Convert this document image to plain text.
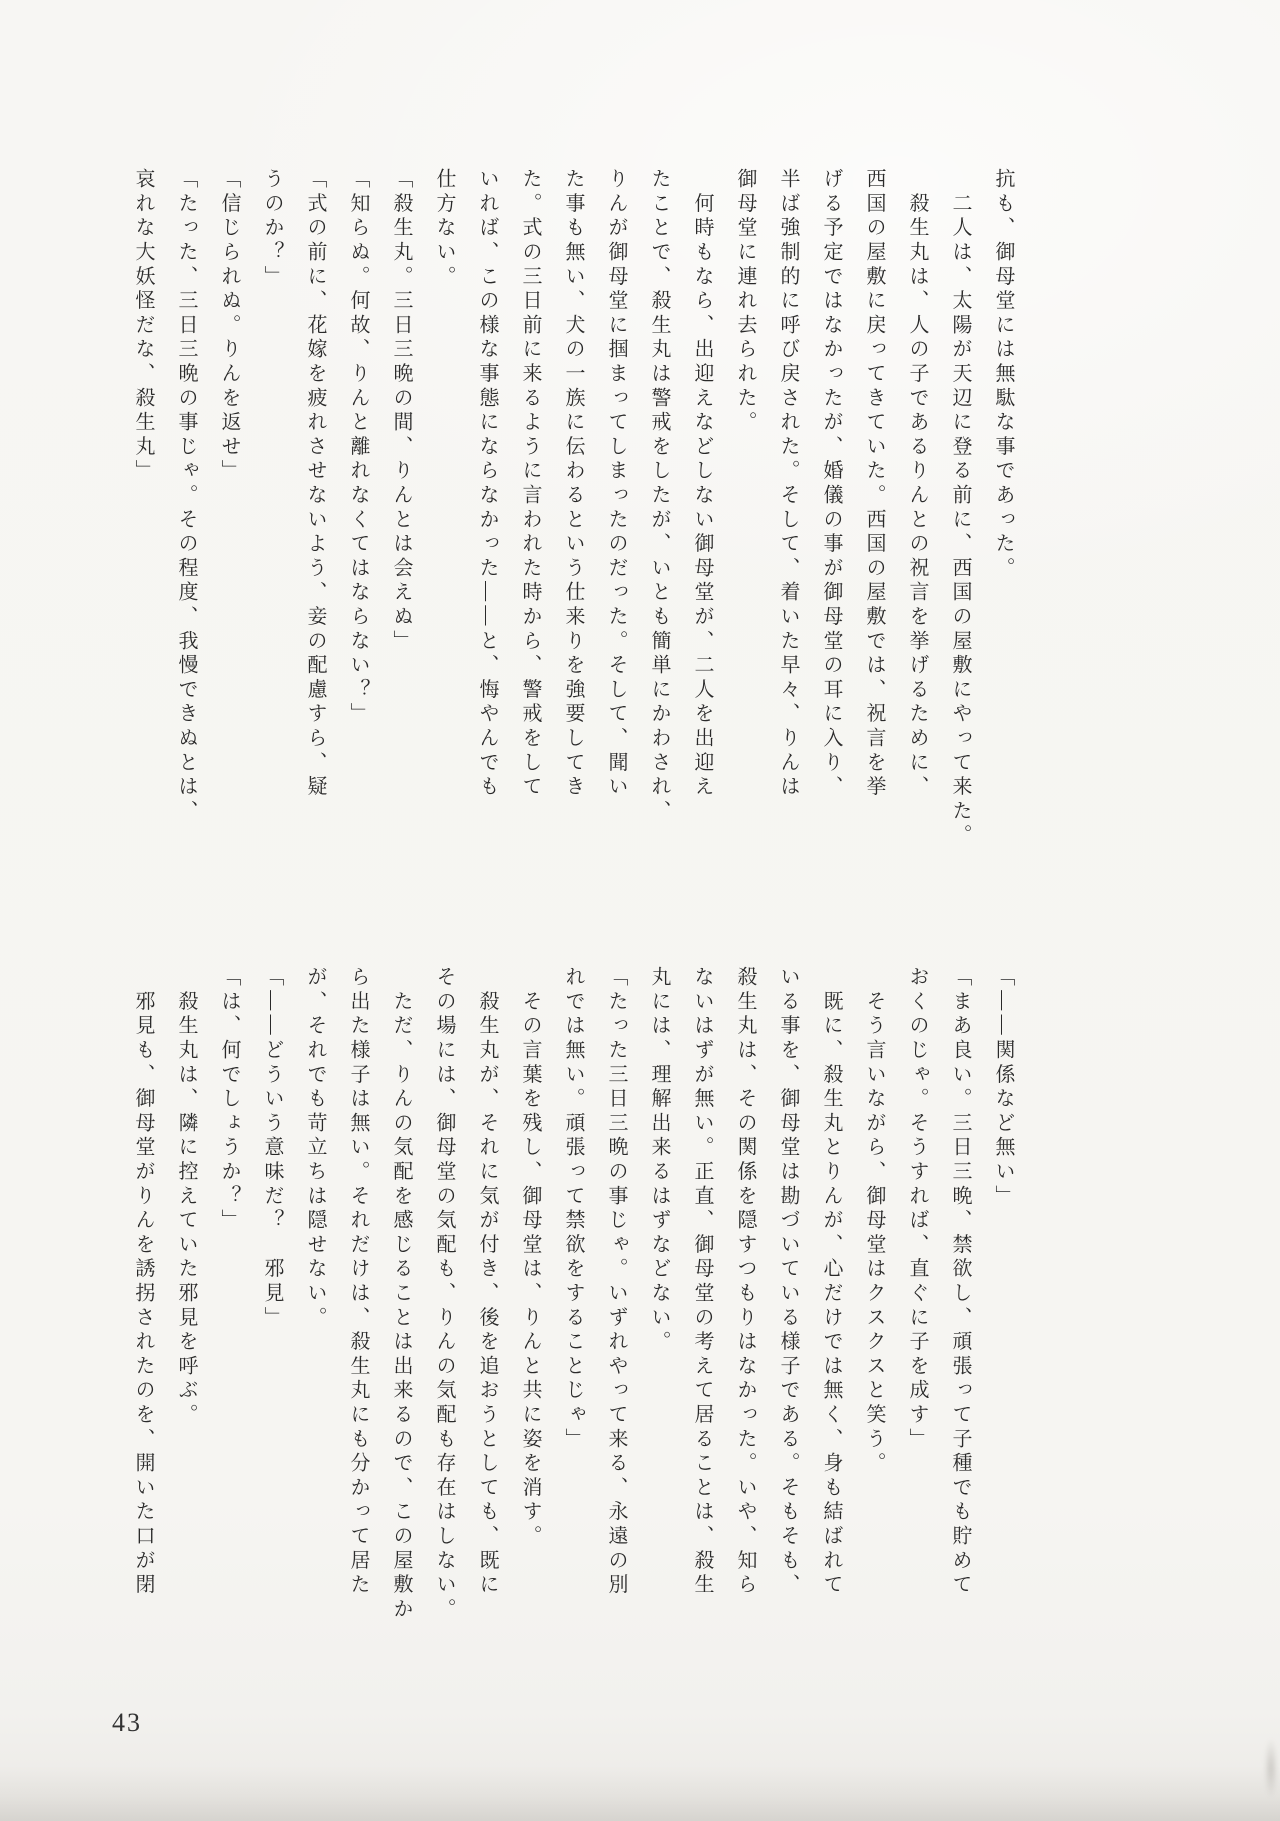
抗も、御母堂には無駄な事であった。
　二人は、太陽が天辺に登る前に、西国の屋敷にやって来た。
　殺生丸は、人の子であるりんとの祝言を挙げるために、
西国の屋敷に戻ってきていた。西国の屋敷では、祝言を挙
げる予定ではなかったが、婚儀の事が御母堂の耳に入り、
半ば強制的に呼び戻された。そして、着いた早々、りんは
御母堂に連れ去られた。
　何時もなら、出迎えなどしない御母堂が、二人を出迎え
たことで、殺生丸は警戒をしたが、いとも簡単にかわされ、
りんが御母堂に掴まってしまったのだった。そして、聞い
た事も無い、犬の一族に伝わるという仕来りを強要してき
た。式の三日前に来るように言われた時から、警戒をして
いれば、この様な事態にならなかった——と、悔やんでも
仕方ない。
「殺生丸。三日三晩の間、りんとは会えぬ」
「知らぬ。何故、りんと離れなくてはならない？」
「式の前に、花嫁を疲れさせないよう、妾の配慮すら、疑
うのか？」
「信じられぬ。りんを返せ」
「たった、三日三晩の事じゃ。その程度、我慢できぬとは、
哀れな大妖怪だな、殺生丸」
「——関係など無い」
「まあ良い。三日三晩、禁欲し、頑張って子種でも貯めて
おくのじゃ。そうすれば、直ぐに子を成す」
　そう言いながら、御母堂はクスクスと笑う。
　既に、殺生丸とりんが、心だけでは無く、身も結ばれて
いる事を、御母堂は勘づいている様子である。そもそも、
殺生丸は、その関係を隠すつもりはなかった。いや、知ら
ないはずが無い。正直、御母堂の考えて居ることは、殺生
丸には、理解出来るはずなどない。
「たった三日三晩の事じゃ。いずれやって来る、永遠の別
れでは無い。頑張って禁欲をすることじゃ」
　その言葉を残し、御母堂は、りんと共に姿を消す。
　殺生丸が、それに気が付き、後を追おうとしても、既に
その場には、御母堂の気配も、りんの気配も存在はしない。
　ただ、りんの気配を感じることは出来るので、この屋敷か
ら出た様子は無い。それだけは、殺生丸にも分かって居た
が、それでも苛立ちは隠せない。
「——どういう意味だ？　邪見」
「は、何でしょうか？」
　殺生丸は、隣に控えていた邪見を呼ぶ。
　邪見も、御母堂がりんを誘拐されたのを、開いた口が閉
43
